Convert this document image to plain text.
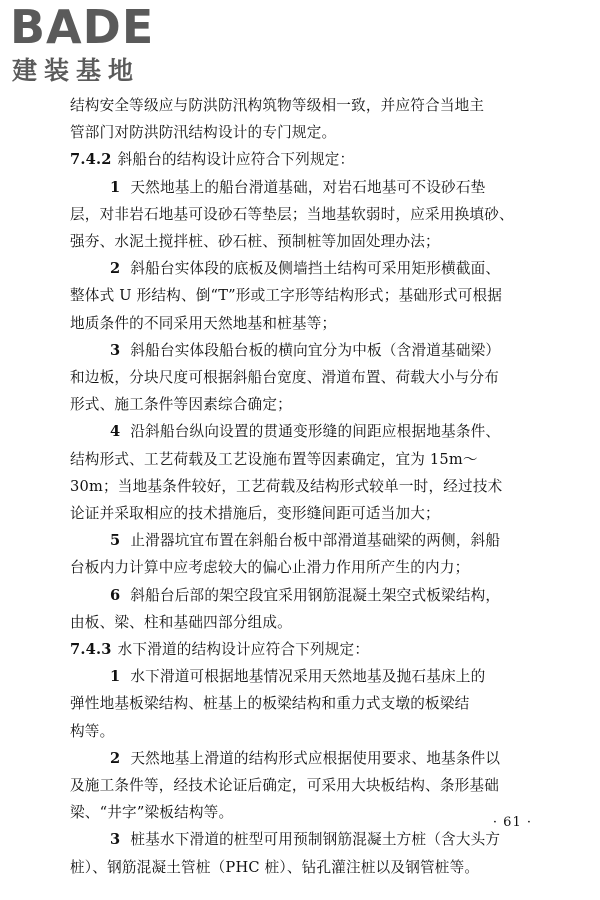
BADE
建装基地
结构安全等级应与防洪防汛构筑物等级相一致，并应符合当地主
管部门对防洪防汛结构设计的专门规定。
7.4.2 斜船台的结构设计应符合下列规定：
1 天然地基上的船台滑道基础，对岩石地基可不设砂石垫
层，对非岩石地基可设砂石等垫层；当地基软弱时，应采用换填砂、
强夯、水泥土搅拌桩、砂石桩、预制桩等加固处理办法；
2 斜船台实体段的底板及侧墙挡土结构可采用矩形横截面、
整体式 U 形结构、倒“T”形或工字形等结构形式；基础形式可根据
地质条件的不同采用天然地基和桩基等；
3 斜船台实体段船台板的横向宜分为中板（含滑道基础梁）
和边板，分块尺度可根据斜船台宽度、滑道布置、荷载大小与分布
形式、施工条件等因素综合确定；
4 沿斜船台纵向设置的贯通变形缝的间距应根据地基条件、
结构形式、工艺荷载及工艺设施布置等因素确定，宜为 15m～
30m；当地基条件较好，工艺荷载及结构形式较单一时，经过技术
论证并采取相应的技术措施后，变形缝间距可适当加大；
5 止滑器坑宜布置在斜船台板中部滑道基础梁的两侧，斜船
台板内力计算中应考虑较大的偏心止滑力作用所产生的内力；
6 斜船台后部的架空段宜采用钢筋混凝土架空式板梁结构，
由板、梁、柱和基础四部分组成。
7.4.3 水下滑道的结构设计应符合下列规定：
1 水下滑道可根据地基情况采用天然地基及抛石基床上的
弹性地基板梁结构、桩基上的板梁结构和重力式支墩的板梁结
构等。
2 天然地基上滑道的结构形式应根据使用要求、地基条件以
及施工条件等，经技术论证后确定，可采用大块板结构、条形基础
梁、“井字”梁板结构等。
3 桩基水下滑道的桩型可用预制钢筋混凝土方桩（含大头方
桩）、钢筋混凝土管桩（PHC 桩）、钻孔灌注桩以及钢管桩等。
· 61 ·
